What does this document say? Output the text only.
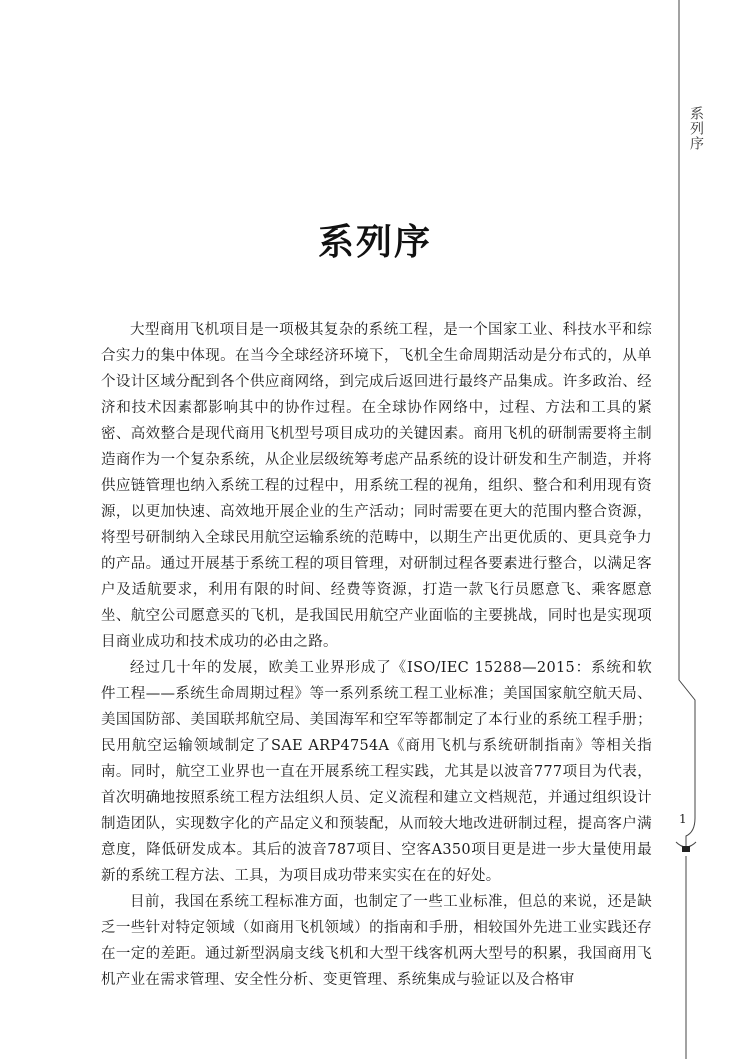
系列序
1
系列序

大型商用飞机项目是一项极其复杂的系统工程，是一个国家工业、科技水平和综合实力的集中体现。在当今全球经济环境下，飞机全生命周期活动是分布式的，从单个设计区域分配到各个供应商网络，到完成后返回进行最终产品集成。许多政治、经济和技术因素都影响其中的协作过程。在全球协作网络中，过程、方法和工具的紧密、高效整合是现代商用飞机型号项目成功的关键因素。商用飞机的研制需要将主制造商作为一个复杂系统，从企业层级统筹考虑产品系统的设计研发和生产制造，并将供应链管理也纳入系统工程的过程中，用系统工程的视角，组织、整合和利用现有资源，以更加快速、高效地开展企业的生产活动；同时需要在更大的范围内整合资源，将型号研制纳入全球民用航空运输系统的范畴中，以期生产出更优质的、更具竞争力的产品。通过开展基于系统工程的项目管理，对研制过程各要素进行整合，以满足客户及适航要求，利用有限的时间、经费等资源，打造一款飞行员愿意飞、乘客愿意坐、航空公司愿意买的飞机，是我国民用航空产业面临的主要挑战，同时也是实现项目商业成功和技术成功的必由之路。

经过几十年的发展，欧美工业界形成了《ISO/IEC 15288—2015：系统和软件工程——系统生命周期过程》等一系列系统工程工业标准；美国国家航空航天局、美国国防部、美国联邦航空局、美国海军和空军等都制定了本行业的系统工程手册；民用航空运输领域制定了SAE ARP4754A《商用飞机与系统研制指南》等相关指南。同时，航空工业界也一直在开展系统工程实践，尤其是以波音777项目为代表，首次明确地按照系统工程方法组织人员、定义流程和建立文档规范，并通过组织设计制造团队，实现数字化的产品定义和预装配，从而较大地改进研制过程，提高客户满意度，降低研发成本。其后的波音787项目、空客A350项目更是进一步大量使用最新的系统工程方法、工具，为项目成功带来实实在在的好处。

目前，我国在系统工程标准方面，也制定了一些工业标准，但总的来说，还是缺乏一些针对特定领域（如商用飞机领域）的指南和手册，相较国外先进工业实践还存在一定的差距。通过新型涡扇支线飞机和大型干线客机两大型号的积累，我国商用飞机产业在需求管理、安全性分析、变更管理、系统集成与验证以及合格审
